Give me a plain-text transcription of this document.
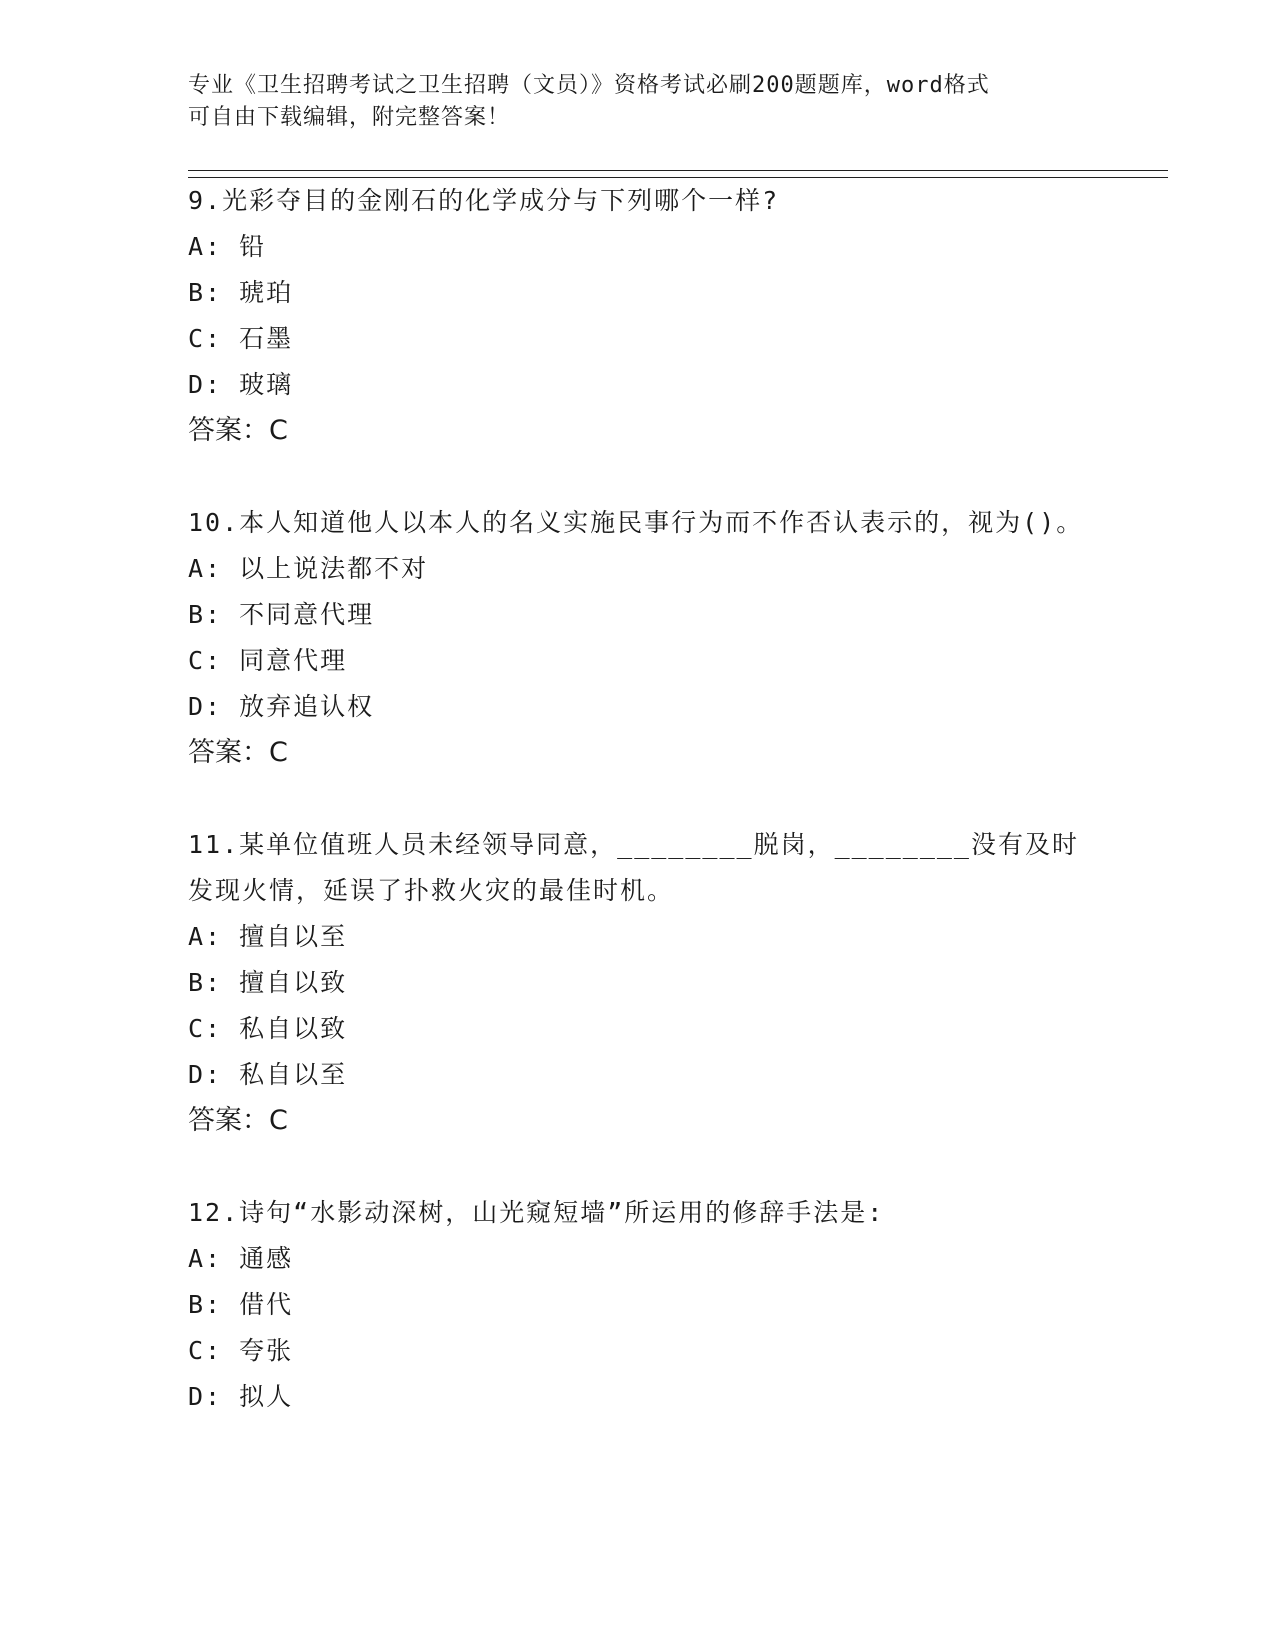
专业《卫生招聘考试之卫生招聘（文员）》资格考试必刷200题题库，word格式
可自由下载编辑，附完整答案！

9.光彩夺目的金刚石的化学成分与下列哪个一样?

A: 铅

B: 琥珀

C: 石墨

D: 玻璃

答案：C

10.本人知道他人以本人的名义实施民事行为而不作否认表示的，视为()。

A: 以上说法都不对

B: 不同意代理

C: 同意代理

D: 放弃追认权

答案：C

11.某单位值班人员未经领导同意，________脱岗，________没有及时发现火情，延误了扑救火灾的最佳时机。

A: 擅自以至

B: 擅自以致

C: 私自以致

D: 私自以至

答案：C

12.诗句“水影动深树，山光窥短墙”所运用的修辞手法是:

A: 通感

B: 借代

C: 夸张

D: 拟人
